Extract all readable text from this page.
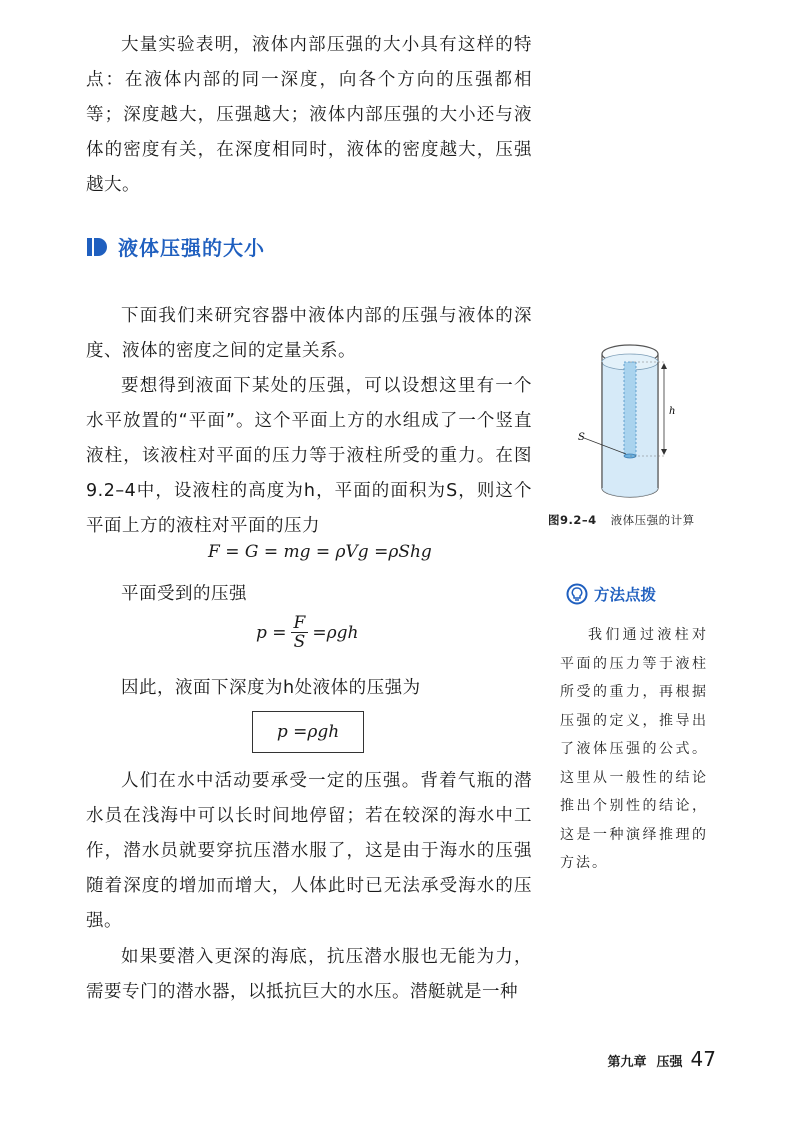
大量实验表明，液体内部压强的大小具有这样的特点：在液体内部的同一深度，向各个方向的压强都相等；深度越大，压强越大；液体内部压强的大小还与液体的密度有关，在深度相同时，液体的密度越大，压强越大。

液体压强的大小

下面我们来研究容器中液体内部的压强与液体的深度、液体的密度之间的定量关系。

要想得到液面下某处的压强，可以设想这里有一个水平放置的“平面”。这个平面上方的水组成了一个竖直液柱，该液柱对平面的压力等于液柱所受的重力。在图9.2–4中，设液柱的高度为h，平面的面积为S，则这个平面上方的液柱对平面的压力

F = G = mg = ρVg =ρShg
平面受到的压强
$p = \frac{F}{S} =\rho gh$
因此，液面下深度为h处液体的压强为
p =ρgh

人们在水中活动要承受一定的压强。背着气瓶的潜水员在浅海中可以长时间地停留；若在较深的海水中工作，潜水员就要穿抗压潜水服了，这是由于海水的压强随着深度的增加而增大，人体此时已无法承受海水的压强。

如果要潜入更深的海底，抗压潜水服也无能为力，需要专门的潜水器，以抵抗巨大的水压。潜艇就是一种

h
S
图9.2–4 液体压强的计算
方法点拨
我们通过液柱对平面的压力等于液柱所受的重力，再根据压强的定义，推导出了液体压强的公式。这里从一般性的结论推出个别性的结论，这是一种演绎推理的方法。
第九章 压强 47
